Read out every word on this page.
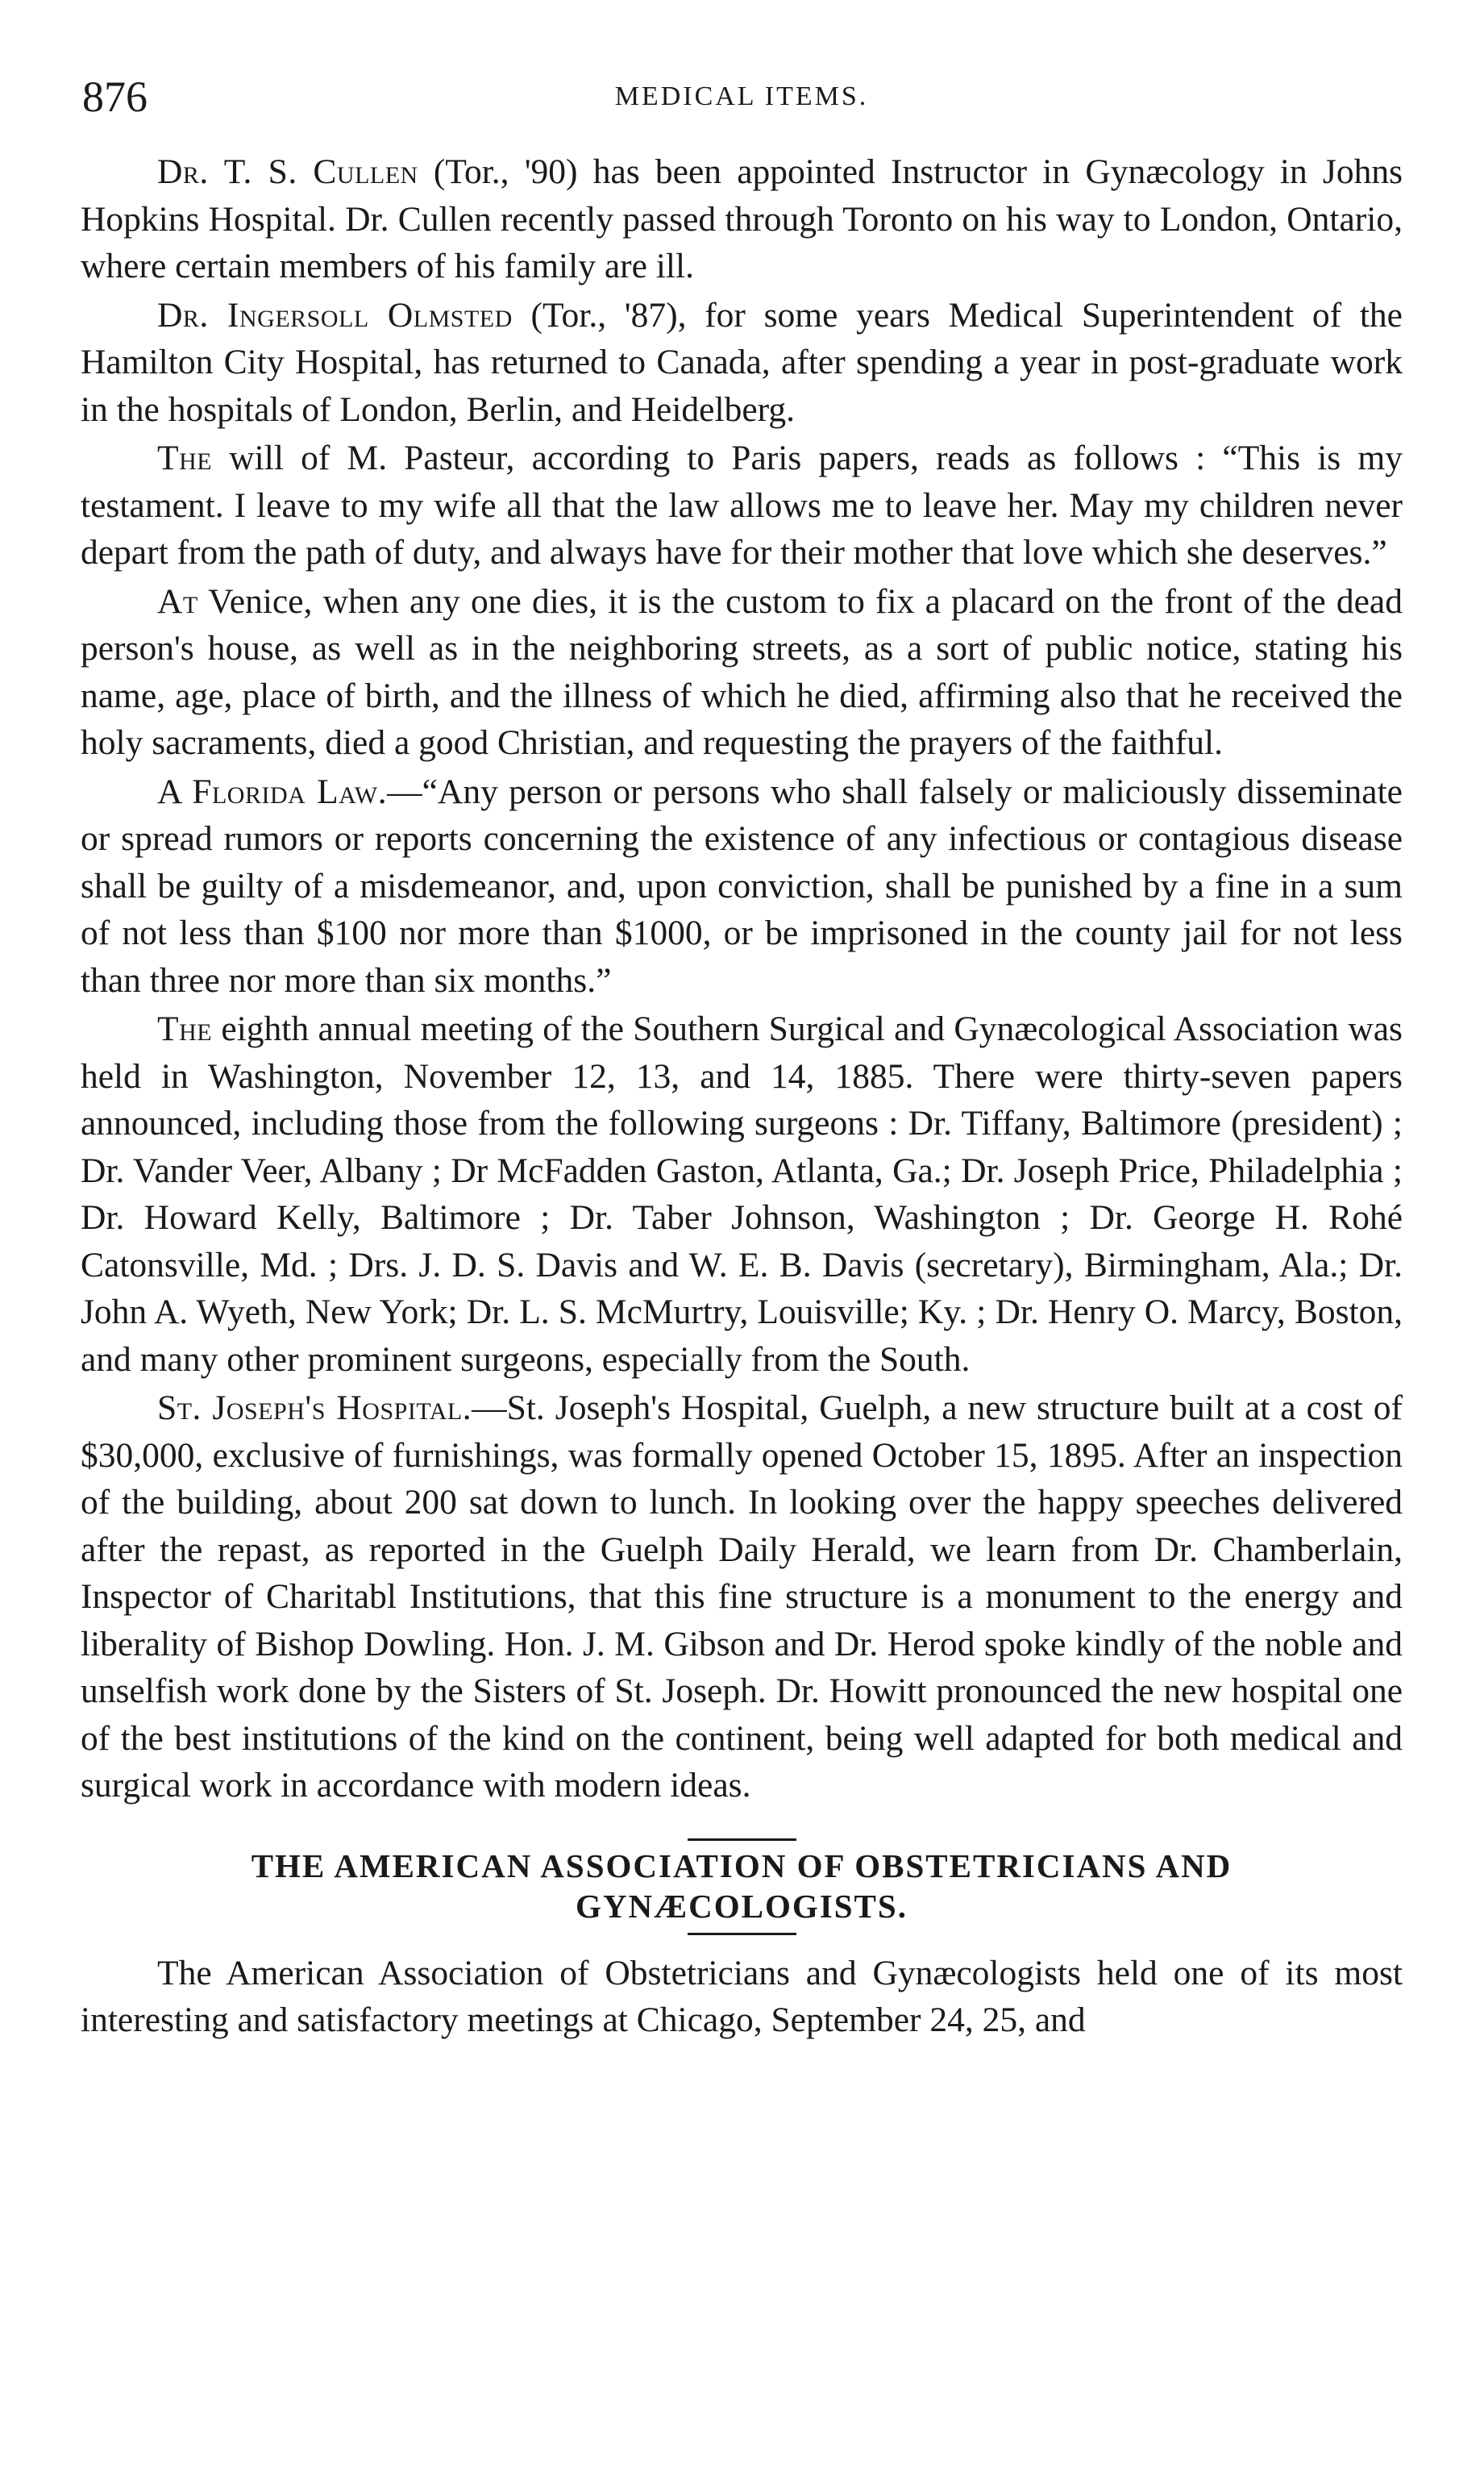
876	MEDICAL ITEMS.

Dr. T. S. Cullen (Tor., '90) has been appointed Instructor in Gynæcology in Johns Hopkins Hospital. Dr. Cullen recently passed through Toronto on his way to London, Ontario, where certain members of his family are ill.

Dr. Ingersoll Olmsted (Tor., '87), for some years Medical Superintendent of the Hamilton City Hospital, has returned to Canada, after spending a year in post-graduate work in the hospitals of London, Berlin, and Heidelberg.

The will of M. Pasteur, according to Paris papers, reads as follows : “This is my testament. I leave to my wife all that the law allows me to leave her. May my children never depart from the path of duty, and always have for their mother that love which she deserves.”

At Venice, when any one dies, it is the custom to fix a placard on the front of the dead person's house, as well as in the neighboring streets, as a sort of public notice, stating his name, age, place of birth, and the illness of which he died, affirming also that he received the holy sacraments, died a good Christian, and requesting the prayers of the faithful.

A Florida Law.—“Any person or persons who shall falsely or maliciously disseminate or spread rumors or reports concerning the existence of any infectious or contagious disease shall be guilty of a misdemeanor, and, upon conviction, shall be punished by a fine in a sum of not less than $100 nor more than $1000, or be imprisoned in the county jail for not less than three nor more than six months.”

The eighth annual meeting of the Southern Surgical and Gynæcological Association was held in Washington, November 12, 13, and 14, 1885. There were thirty-seven papers announced, including those from the following surgeons : Dr. Tiffany, Baltimore (president) ; Dr. Vander Veer, Albany ; Dr McFadden Gaston, Atlanta, Ga.; Dr. Joseph Price, Philadelphia ; Dr. Howard Kelly, Baltimore ; Dr. Taber Johnson, Washington ; Dr. George H. Rohé Catonsville, Md. ; Drs. J. D. S. Davis and W. E. B. Davis (secretary), Birmingham, Ala.; Dr. John A. Wyeth, New York; Dr. L. S. McMurtry, Louisville; Ky. ; Dr. Henry O. Marcy, Boston, and many other prominent surgeons, especially from the South.

St. Joseph's Hospital.—St. Joseph's Hospital, Guelph, a new structure built at a cost of $30,000, exclusive of furnishings, was formally opened October 15, 1895. After an inspection of the building, about 200 sat down to lunch. In looking over the happy speeches delivered after the repast, as reported in the Guelph Daily Herald, we learn from Dr. Chamberlain, Inspector of Charitabl Institutions, that this fine structure is a monument to the energy and liberality of Bishop Dowling. Hon. J. M. Gibson and Dr. Herod spoke kindly of the noble and unselfish work done by the Sisters of St. Joseph. Dr. Howitt pronounced the new hospital one of the best institutions of the kind on the continent, being well adapted for both medical and surgical work in accordance with modern ideas.

THE AMERICAN ASSOCIATION OF OBSTETRICIANS AND
GYNÆCOLOGISTS.

The American Association of Obstetricians and Gynæcologists held one of its most interesting and satisfactory meetings at Chicago, September 24, 25, and
